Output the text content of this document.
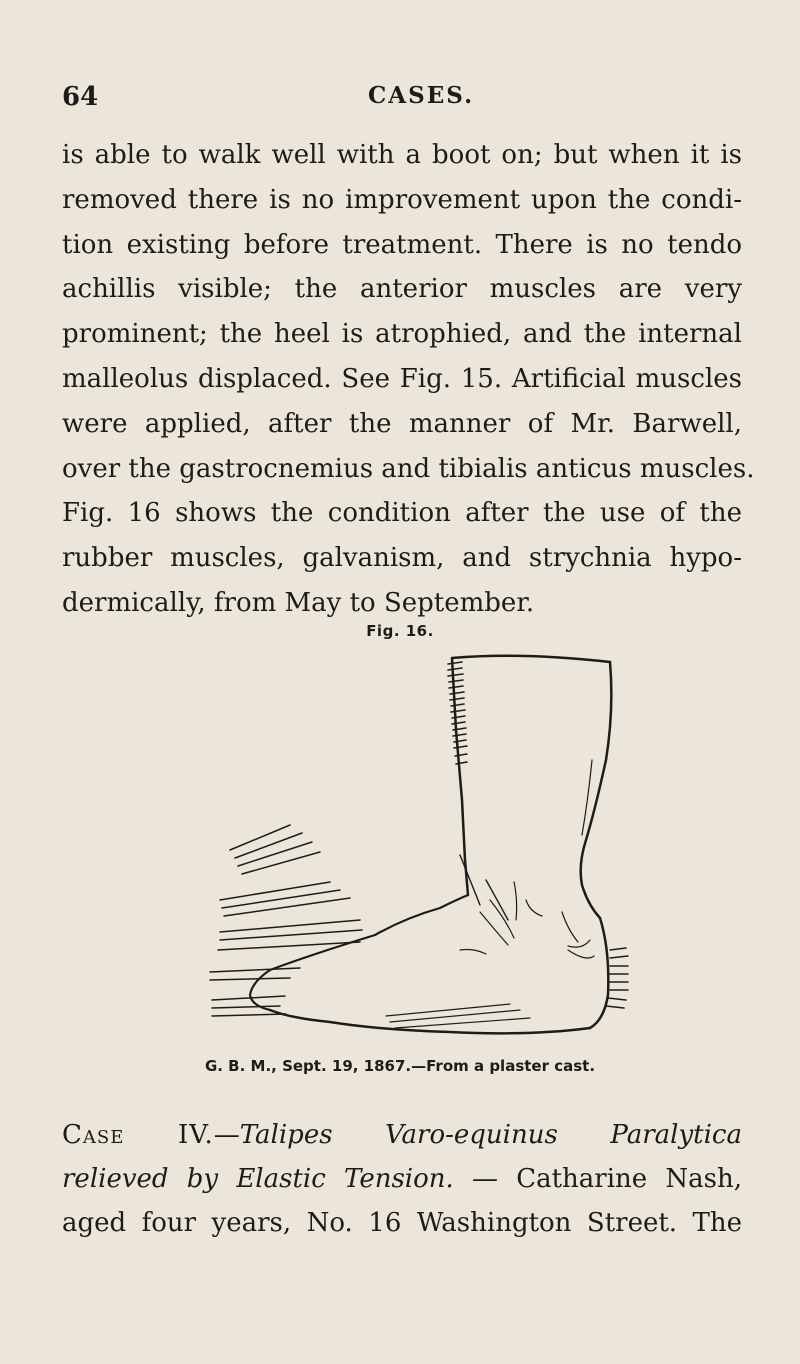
64	CASES.
is able to walk well with a boot on; but when it is
removed there is no improvement upon the condi-
tion existing before treatment. There is no tendo
achillis visible; the anterior muscles are very
prominent; the heel is atrophied, and the internal
malleolus displaced. See Fig. 15. Artificial muscles
were applied, after the manner of Mr. Barwell,
over the gastrocnemius and tibialis anticus muscles.
Fig. 16 shows the condition after the use of the
rubber muscles, galvanism, and strychnia hypo-
dermically, from May to September.
Fig. 16.
G. B. M., Sept. 19, 1867.—From a plaster cast.
Case IV.—Talipes Varo-equinus Paralytica
relieved by Elastic Tension. — Catharine Nash,
aged four years, No. 16 Washington Street. The
